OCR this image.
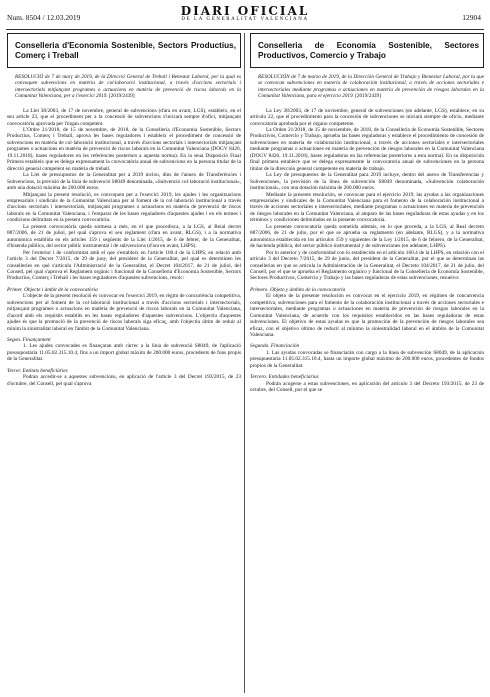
Num. 8504 / 12.03.2019	DIARI OFICIAL
DE LA GENERALITAT VALENCIANA	12904
Conselleria d'Economia Sostenible, Sectors Productius, Comerç i Treball
RESOLUCIÓ de 7 de març de 2019, de la Direcció General de Treball i Benestar Laboral, per la qual es convoquen subvencions en matèria de col·laboració institucional, a través d'accions sectorials i intersectorials mitjançant programes o actuacions en matèria de prevenció de riscos laborals en la Comunitat Valenciana, per a l'exercici 2019. [2019/2439]

La Llei 38/2003, de 17 de novembre, general de subvencions (d'ara en avant, LGS), estableix, en el seu article 23, que el procediment per a la concessió de subvencions s'iniciarà sempre d'ofici, mitjançant convocatòria aprovada per l'òrgan competent.

L'Ordre 21/2018, de 15 de novembre, de 2018, de la Conselleria d'Economia Sostenible, Sectors Productius, Comerç i Treball, aprova les bases reguladores i estableix el procediment de concessió de subvencions en matèria de col·laboració institucional, a través d'accions sectorials i intersectorials mitjançant programes o actuacions en matèria de prevenció de riscos laborals en la Comunitat Valenciana (DOGV 8426, 19.11.2018), bases reguladores en les referències posteriors a aquesta norma). En la seua Disposició Final Primera estableix que es delega expressament la convocatòria anual de subvencions en la persona titular de la direcció general competent en matèria de treball.

La Llei de pressupostos de la Generalitat per a 2019 inclou, dins de l'annex de Transferències i Subvencions, la previsió de la línia de subvenció S8049 denominada, «Subvenció col·laboració institucional», amb una dotació màxima de 200.000 euros.

Mitjançant la present resolució, es convoquen per a l'exercici 2019, les ajudes i les organitzacions empresarials i sindicals de la Comunitat Valenciana per al foment de la col·laboració institucional a través d'accions sectorials i intersectorials, mitjançant programes o actuacions en matèria de prevenció de riscos laborals en la Comunitat Valenciana, i l'emparar de les bases reguladores d'aquestes ajudes i en els termes i condicions delimitats en la present convocatòria.

La present convocatòria queda sotmesa a més, en el que procedisca, a la LGS, al Reial decret 887/2006, de 21 de juliol, pel qual s'aprova el seu reglament (d'ara en avant, RLGS), i a la normativa autonòmica establida en els articles 159 i següents de la Llei 1/2015, de 6 de febrer, de la Generalitat, d'hisenda pública, del sector públic instrumental i de subvencions (d'ara en avant, LHPS).

Per l'exterior i de conformitat amb el que s'estableix en l'article 160.4 de la LHPS, en relació amb l'article 3 del Decret 7/2015, de 29 de juny, del president de la Generalitat, pel qual es determinen les conselleries en què s'articula l'Administració de la Generalitat, el Decret 104/2017, de 21 de juliol, del Consell, pel qual s'aprova el Reglament orgànic i funcional de la Conselleria d'Economia Sostenible, Sectors Productius, Comerç i Treball i les bases reguladores d'aquestes subvencions, resolc:

Primer. Objecte i àmbit de la convocatòria

L'objecte de la present resolució és convocar en l'exercici 2019, en règim de concurrència competitiva, subvencions per al foment de la col·laboració institucional a través d'accions sectorials i intersectorials, mitjançant programes o actuacions en matèria de prevenció de riscos laborals en la Comunitat Valenciana, d'acord amb els requisits establits en les bases reguladores d'aquestes subvencions. L'objectiu d'aquestes ajudes és que la promoció de la prevenció de riscos laborals siga eficaç, amb l'objectiu últim de reduir al mínim la sinistralitat laboral en l'àmbit de la Comunitat Valenciana.

Segon. Finançament

1. Les ajudes convocades es finançaran amb càrrec a la línia de subvenció S8049, de l'aplicació pressupostària 11.05.02.315.10.4, fins a un import global màxim de 200.000 euros, procedents de fons propis de la Generalitat.

Tercer. Entitats beneficiàries

Podran accedir-se a aquestes subvencions, en aplicació de l'article 3 del Decret 193/2015, de 23 d'octubre, del Consell, pel qual s'aprova

Conselleria de Economía Sostenible, Sectores Productivos, Comercio y Trabajo
RESOLUCIÓN de 7 de marzo de 2019, de la Dirección General de Trabajo y Bienestar Laboral, por la que se convocan subvenciones en materia de colaboración institucional, a través de acciones sectoriales e intersectoriales mediante programas o actuaciones en materia de prevención de riesgos laborales en la Comunitat Valenciana, para el ejercicio 2019. [2019/2439]

La Ley 38/2003, de 17 de noviembre, general de subvenciones (en adelante, LGS), establece, en su artículo 22, que el procedimiento para la concesión de subvenciones se iniciará siempre de oficio, mediante convocatoria aprobada por el órgano competente.

La Orden 21/2018, de 15 de noviembre, de 2018, de la Conselleria de Economía Sostenible, Sectores Productivos, Comercio y Trabajo, aprueba las bases reguladoras y establece el procedimiento de concesión de subvenciones en materia de colaboración institucional, a través de acciones sectoriales e intersectoriales mediante programas o actuaciones en materia de prevención de riesgos laborales en la Comunitat Valenciana (DOGV 8426, 19.11.2018), bases reguladoras en las referencias posteriores a esta norma). En su disposición final primera establece que se delega expresamente la convocatoria anual de subvenciones en la persona titular de la dirección general competente en materia de trabajo.

La Ley de presupuestos de la Generalitat para 2019 incluye, dentro del anexo de Transferencias y Subvenciones, la previsión de la línea de subvención S8049 denominada, «Subvención colaboración institucional», con una dotación máxima de 200.000 euros.

Mediante la presente resolución, se convocan para el ejercicio 2019, las ayudas a las organizaciones empresariales y sindicales de la Comunitat Valenciana para el fomento de la colaboración institucional a través de acciones sectoriales e intersectoriales, mediante programas o actuaciones en materia de prevención de riesgos laborales en la Comunitat Valenciana, al amparo de las bases reguladoras de estas ayudas y en los términos y condiciones delimitados en la presente convocatoria.

La presente convocatoria queda sometida además, en lo que proceda, a la LGS, al Real decreto 887/2006, de 21 de julio, por el que se aprueba su reglamento (en adelante, RLGS), y a la normativa autonómica establecida en los artículos 159 y siguientes de la Ley 1/2015, de 6 de febrero, de la Generalitat, de hacienda pública, del sector público instrumental y de subvenciones (en adelante, LHPS).

Por lo anterior y de conformidad con lo establecido en el artículo 160.4 de la LHPS, en relación con el artículo 3 del Decreto 7/2015, de 29 de junio, del president de la Generalitat, por el que se determinan las consellerias en que se articula la Administración de la Generalitat, el Decreto 104/2017, de 21 de julio, del Consell, por el que se aprueba el Reglamento orgánico y funcional de la Conselleria de Economía Sostenible, Sectores Productivos, Comercio y Trabajo y las bases reguladoras de estas subvenciones, resuelvo:

Primero. Objeto y ámbito de la convocatoria

El objeto de la presente resolución es convocar en el ejercicio 2019, en régimen de concurrencia competitiva, subvenciones para el fomento de la colaboración institucional a través de acciones sectoriales e intersectoriales, mediante programas o actuaciones en materia de prevención de riesgos laborales en la Comunitat Valenciana, de acuerdo con los requisitos establecidos en las bases reguladoras de estas subvenciones. El objetivo de estas ayudas es que la promoción de la prevención de riesgos laborales sea eficaz, con el objetivo último de reducir al mínimo la siniestralidad laboral en el ámbito de la Comunitat Valenciana.

Segundo. Financiación

1. Las ayudas convocadas se financiarán con cargo a la línea de subvención S8049, de la aplicación presupuestaria 11.05.02.315.10.4, hasta un importe global máximo de 200.000 euros, procedentes de fondos propios de la Generalitat.

Tercero. Entidades beneficiarias

Podrán acogerse a estas subvenciones, en aplicación del artículo 3 del Decreto 193/2015, de 23 de octubre, del Consell, por el que se
